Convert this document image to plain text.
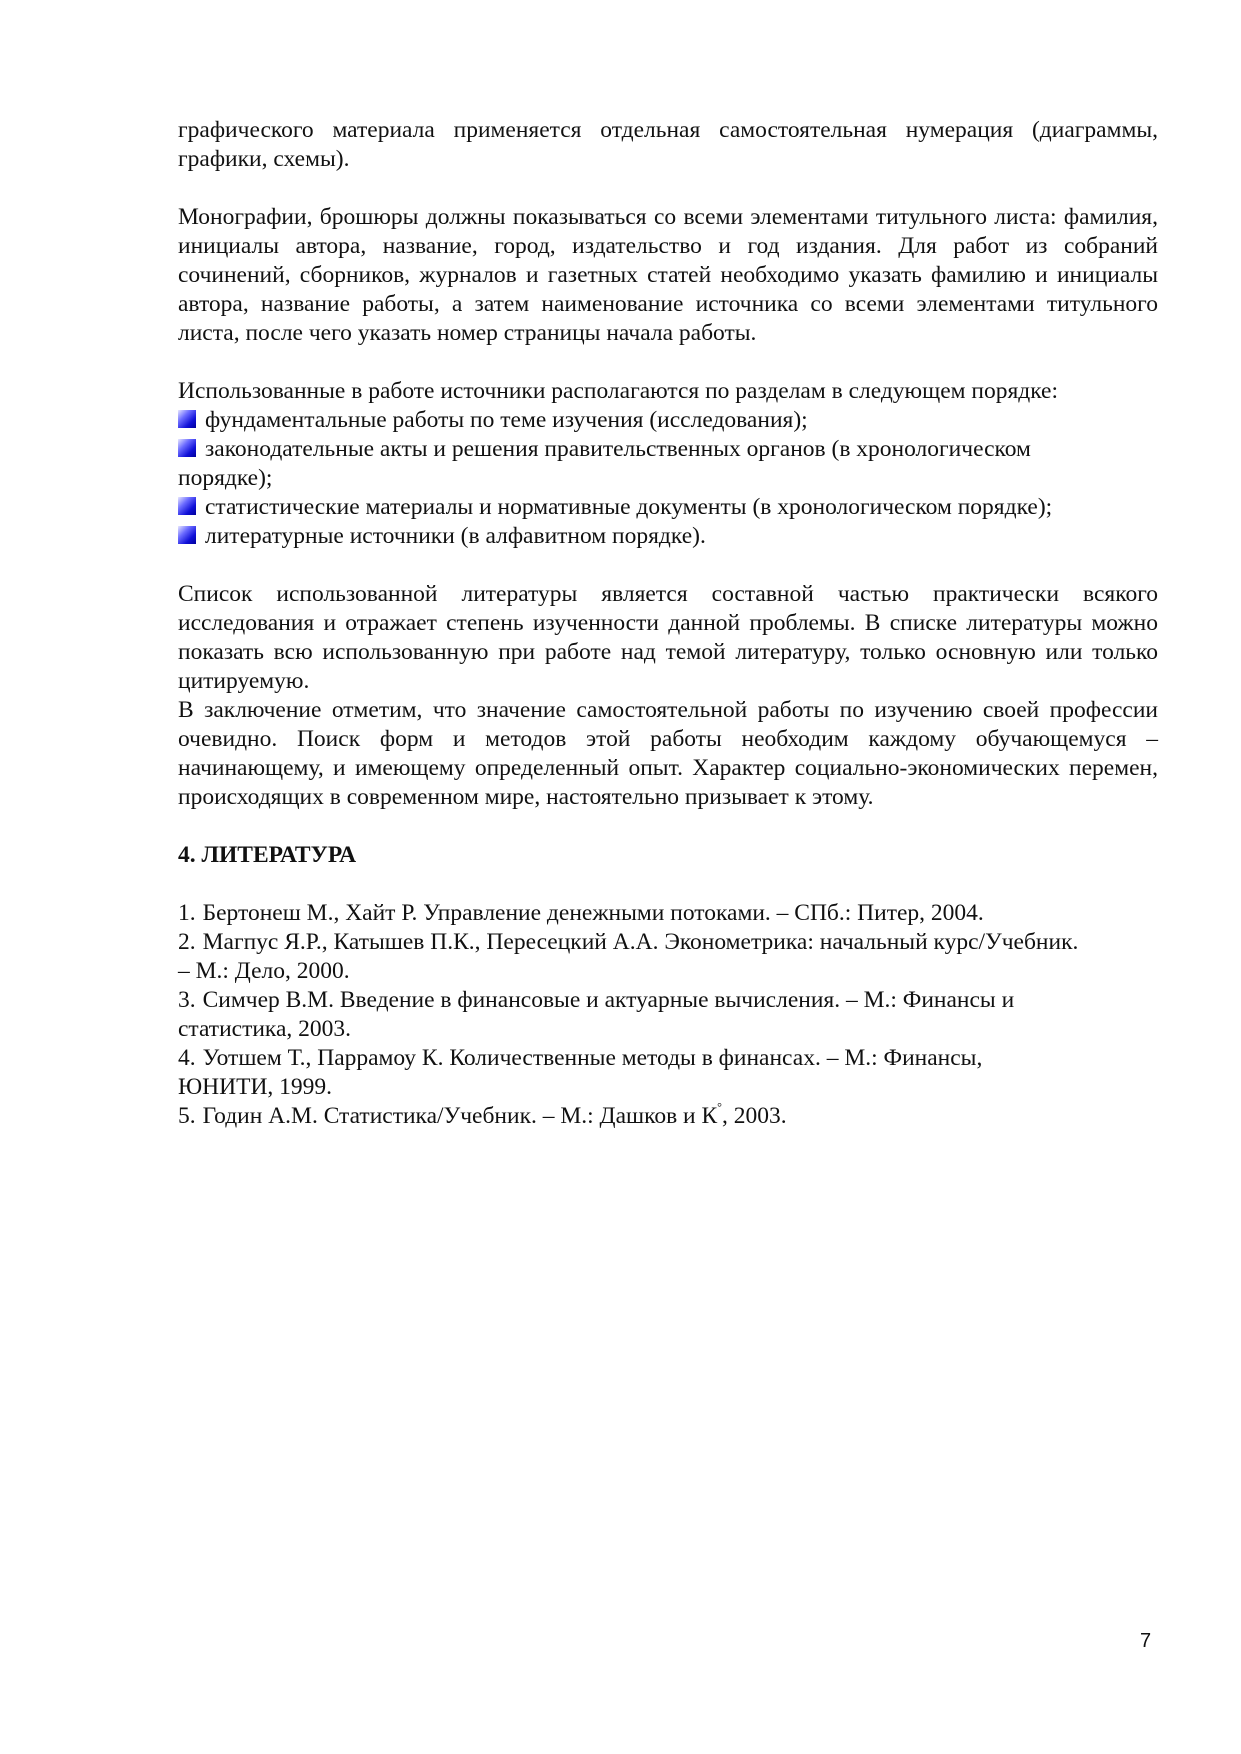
графического материала применяется отдельная самостоятельная нумерация (диаграммы, графики, схемы).

Монографии, брошюры должны показываться со всеми элементами титульного листа: фамилия, инициалы автора, название, город, издательство и год издания. Для работ из собраний сочинений, сборников, журналов и газетных статей необходимо указать фамилию и инициалы автора, название работы, а затем наименование источника со всеми элементами титульного листа, после чего указать номер страницы начала работы.

Использованные в работе источники располагаются по разделам в следующем порядке:

фундаментальные работы по теме изучения (исследования);

законодательные акты и решения правительственных органов (в хронологическом

порядке);

статистические материалы и нормативные документы (в хронологическом порядке);

литературные источники (в алфавитном порядке).

Список использованной литературы является составной частью практически всякого исследования и отражает степень изученности данной проблемы. В списке литературы можно показать всю использованную при работе над темой литературу, только основную или только цитируемую.

В заключение отметим, что значение самостоятельной работы по изучению своей профессии очевидно. Поиск форм и методов этой работы необходим каждому обучающемуся – начинающему, и имеющему определенный опыт. Характер социально-экономических перемен, происходящих в современном мире, настоятельно призывает к этому.

4. ЛИТЕРАТУРА

1. Бертонеш М., Хайт Р. Управление денежными потоками. – СПб.: Питер, 2004.

2. Магпус Я.Р., Катышев П.К., Пересецкий А.А. Эконометрика: начальный курс/Учебник.
– М.: Дело, 2000.

3. Симчер В.М. Введение в финансовые и актуарные вычисления. – М.: Финансы и
статистика, 2003.

4. Уотшем Т., Паррамоу К. Количественные методы в финансах. – М.: Финансы,
ЮНИТИ, 1999.

5. Годин А.М. Статистика/Учебник. – М.: Дашков и К°, 2003.

7
